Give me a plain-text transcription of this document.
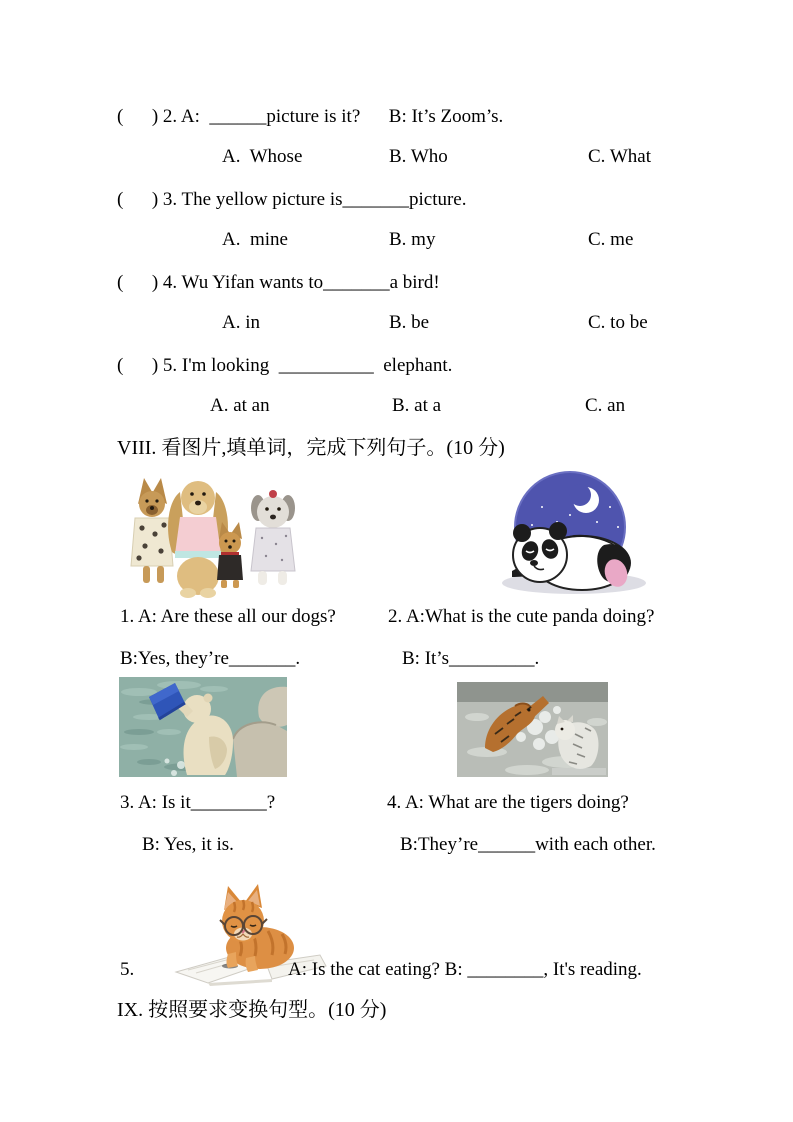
(      ) 2. A:  ______picture is it?      B: It’s Zoom’s.
A.  Whose	B. Who	C. What
(      ) 3. The yellow picture is_______picture.
A.  mine	B. my	C. me
(      ) 4. Wu Yifan wants to_______a bird!
A. in	B. be	C. to be
(      ) 5. I'm looking  __________  elephant.
A. at an	B. at a	C. an
VIII. 看图片,填单词，完成下列句子。(10 分)
1. A: Are these all our dogs?	2. A:What is the cute panda doing?
B:Yes, they’re_______.	B: It’s_________.
3. A: Is it________?	4. A: What are the tigers doing?
B: Yes, it is.	B:They’re______with each other.
5.	A: Is the cat eating? B: ________, It's reading.
IX. 按照要求变换句型。(10 分)
